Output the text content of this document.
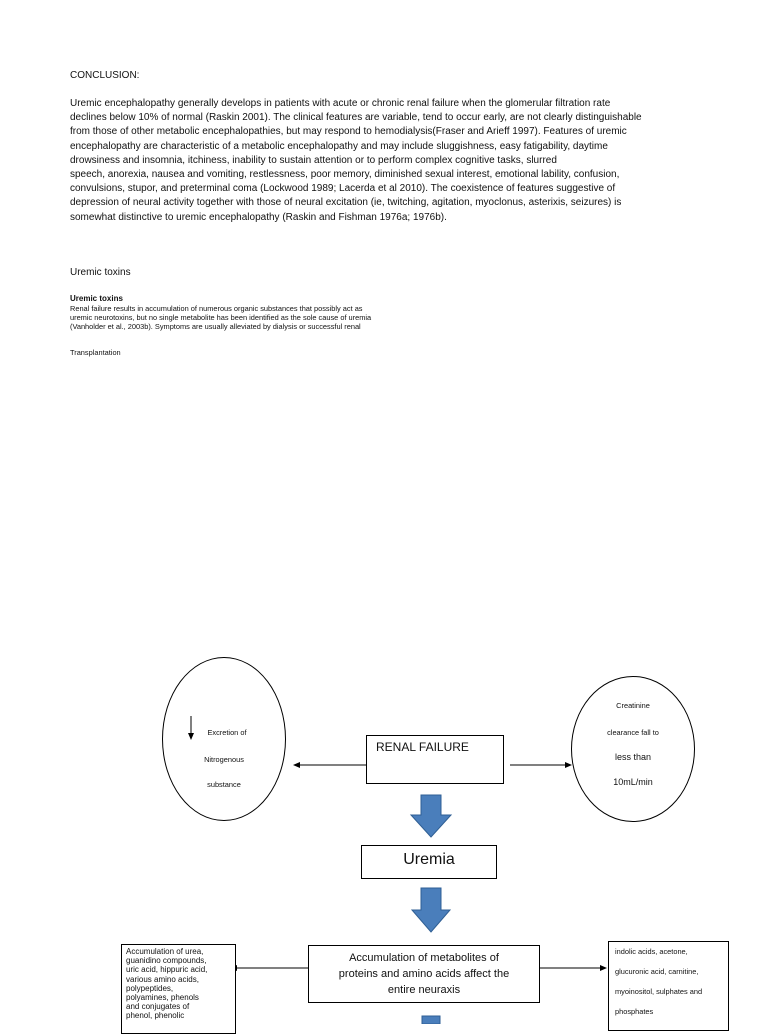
CONCLUSION:
Uremic encephalopathy generally develops in patients with acute or chronic renal failure when the glomerular filtration rate
declines below 10% of normal (Raskin 2001). The clinical features are variable, tend to occur early, are not clearly distinguishable
from those of other metabolic encephalopathies, but may respond to hemodialysis(Fraser and Arieff 1997). Features of uremic
encephalopathy are characteristic of a metabolic encephalopathy and may include sluggishness, easy fatigability, daytime
drowsiness and insomnia, itchiness, inability to sustain attention or to perform complex cognitive tasks, slurred
speech, anorexia, nausea and vomiting, restlessness, poor memory, diminished sexual interest, emotional lability, confusion,
convulsions, stupor, and preterminal coma (Lockwood 1989; Lacerda et al 2010). The coexistence of features suggestive of
depression of neural activity together with those of neural excitation (ie, twitching, agitation, myoclonus, asterixis, seizures) is
somewhat distinctive to uremic encephalopathy (Raskin and Fishman 1976a; 1976b).
Uremic toxins
Uremic toxins
Renal failure results in accumulation of numerous organic substances that possibly act as
uremic neurotoxins, but no single metabolite has been identified as the sole cause of uremia
(Vanholder et al., 2003b). Symptoms are usually alleviated by dialysis or successful renal
Transplantation
Excretion of
Nitrogenous
substance
Creatinine
clearance fall to
less than
10mL/min
RENAL FAILURE
Uremia
Accumulation of metabolites of
proteins and amino acids affect the
entire neuraxis
Accumulation of urea,
guanidino compounds,
uric acid, hippuric acid,
various amino acids,
polypeptides,
polyamines, phenols
and conjugates of
phenol, phenolic
indolic acids, acetone,
glucuronic acid, carnitine,
myoinositol, sulphates and
phosphates
